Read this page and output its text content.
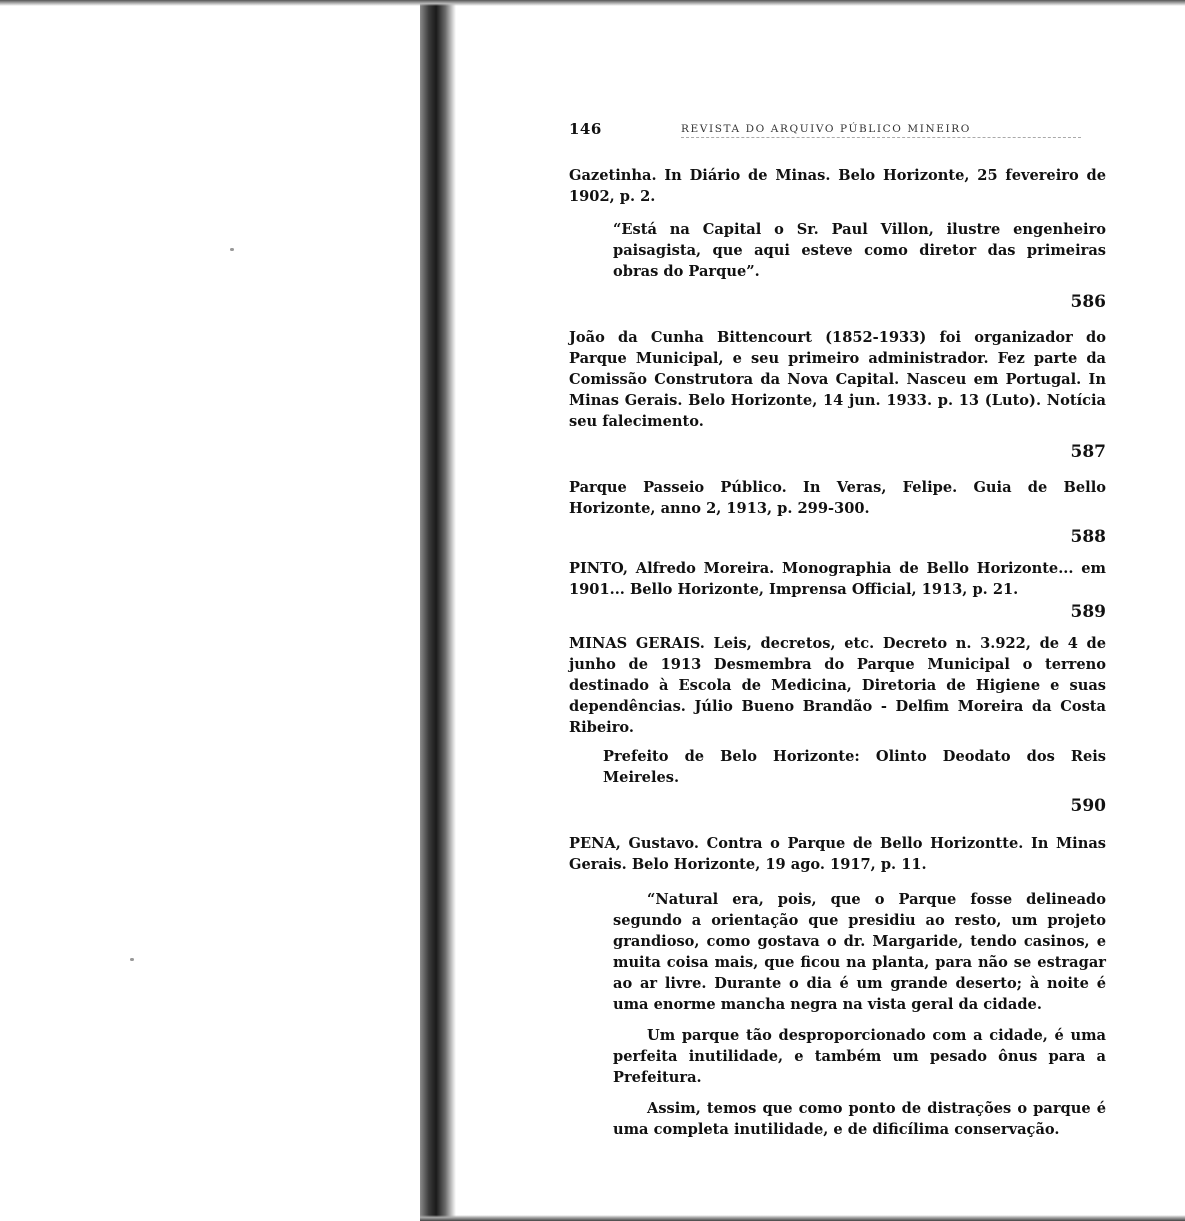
146	REVISTA DO ARQUIVO PÚBLICO MINEIRO

Gazetinha. In Diário de Minas. Belo Horizonte, 25 fevereiro de 1902, p. 2.

“Está na Capital o Sr. Paul Villon, ilustre engenheiro paisagista, que aqui esteve como diretor das primeiras obras do Parque”.

586

João da Cunha Bittencourt (1852-1933) foi organizador do Parque Municipal, e seu primeiro administrador. Fez parte da Comissão Construtora da Nova Capital. Nasceu em Portugal. In Minas Gerais. Belo Horizonte, 14 jun. 1933. p. 13 (Luto). Notícia seu falecimento.

587

Parque Passeio Público. In Veras, Felipe. Guia de Bello Horizonte, anno 2, 1913, p. 299-300.

588

PINTO, Alfredo Moreira. Monographia de Bello Horizonte... em 1901... Bello Horizonte, Imprensa Official, 1913, p. 21.

589

MINAS GERAIS. Leis, decretos, etc. Decreto n. 3.922, de 4 de junho de 1913 Desmembra do Parque Municipal o terreno destinado à Escola de Medicina, Diretoria de Higiene e suas dependências. Júlio Bueno Brandão - Delfim Moreira da Costa Ribeiro.

Prefeito de Belo Horizonte: Olinto Deodato dos Reis Meireles.

590

PENA, Gustavo. Contra o Parque de Bello Horizontte. In Minas Gerais. Belo Horizonte, 19 ago. 1917, p. 11.

“Natural era, pois, que o Parque fosse delineado segundo a orientação que presidiu ao resto, um projeto grandioso, como gostava o dr. Margaride, tendo casinos, e muita coisa mais, que ficou na planta, para não se estragar ao ar livre. Durante o dia é um grande deserto; à noite é uma enorme mancha negra na vista geral da cidade.

Um parque tão desproporcionado com a cidade, é uma perfeita inutilidade, e também um pesado ônus para a Prefeitura.

Assim, temos que como ponto de distrações o parque é uma completa inutilidade, e de dificílima conservação.
